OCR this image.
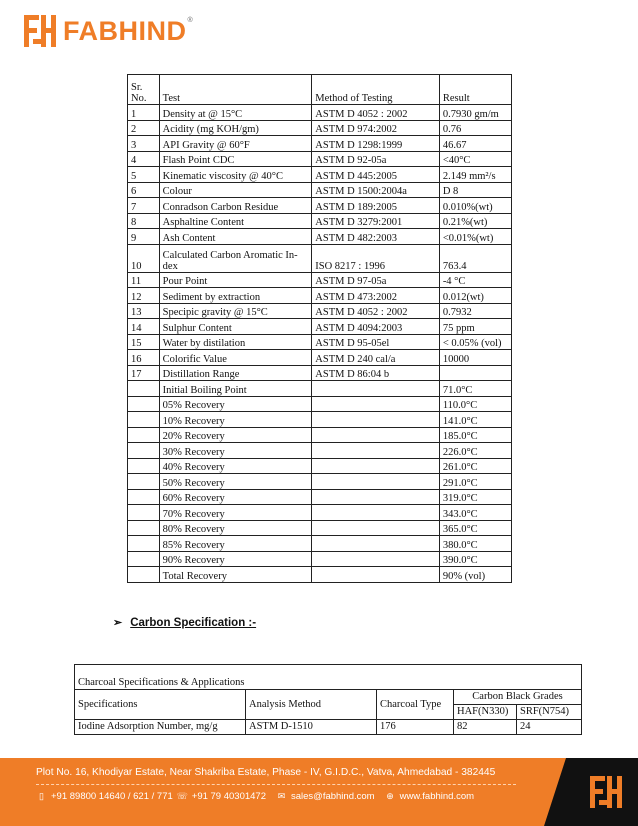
FABHIND ®
Sr. No.	Test	Method of Testing	Result
1	Density at @ 15°C	ASTM D 4052 : 2002	0.7930 gm/m
2	Acidity (mg KOH/gm)	ASTM D 974:2002	0.76
3	API Gravity @ 60°F	ASTM D 1298:1999	46.67
4	Flash Point CDC	ASTM D 92-05a	<40°C
5	Kinematic viscosity @ 40°C	ASTM D 445:2005	2.149 mm²/s
6	Colour	ASTM D 1500:2004a	D 8
7	Conradson Carbon Residue	ASTM D 189:2005	0.010%(wt)
8	Asphaltine Content	ASTM D 3279:2001	0.21%(wt)
9	Ash Content	ASTM D 482:2003	<0.01%(wt)
10	Calculated Carbon Aromatic In-dex	ISO 8217 : 1996	763.4
11	Pour Point	ASTM D 97-05a	-4 °C
12	Sediment by extraction	ASTM D 473:2002	0.012(wt)
13	Specipic gravity @ 15°C	ASTM D 4052 : 2002	0.7932
14	Sulphur Content	ASTM D 4094:2003	75 ppm
15	Water by distilation	ASTM D 95-05el	< 0.05% (vol)
16	Colorific Value	ASTM D 240 cal/a	10000
17	Distillation Range	ASTM D 86:04 b	
	Initial Boiling Point		71.0°C
	05% Recovery		110.0°C
	10% Recovery		141.0°C
	20% Recovery		185.0°C
	30% Recovery		226.0°C
	40% Recovery		261.0°C
	50% Recovery		291.0°C
	60% Recovery		319.0°C
	70% Recovery		343.0°C
	80% Recovery		365.0°C
	85% Recovery		380.0°C
	90% Recovery		390.0°C
	Total Recovery		90% (vol)
➢ Carbon Specification :-
Charcoal Specifications & Applications				
Specifications	Analysis Method	Charcoal Type	Carbon Black Grades	
			HAF(N330)	SRF(N754)
Iodine Adsorption Number, mg/g	ASTM D-1510	176	82	24
Plot No. 16, Khodiyar Estate, Near Shakriba Estate, Phase - IV, G.I.D.C., Vatva, Ahmedabad - 382445
▯ +91 89800 14640 / 621 / 771 ☏ +91 79 40301472 ✉ sales@fabhind.com ⊕ www.fabhind.com
